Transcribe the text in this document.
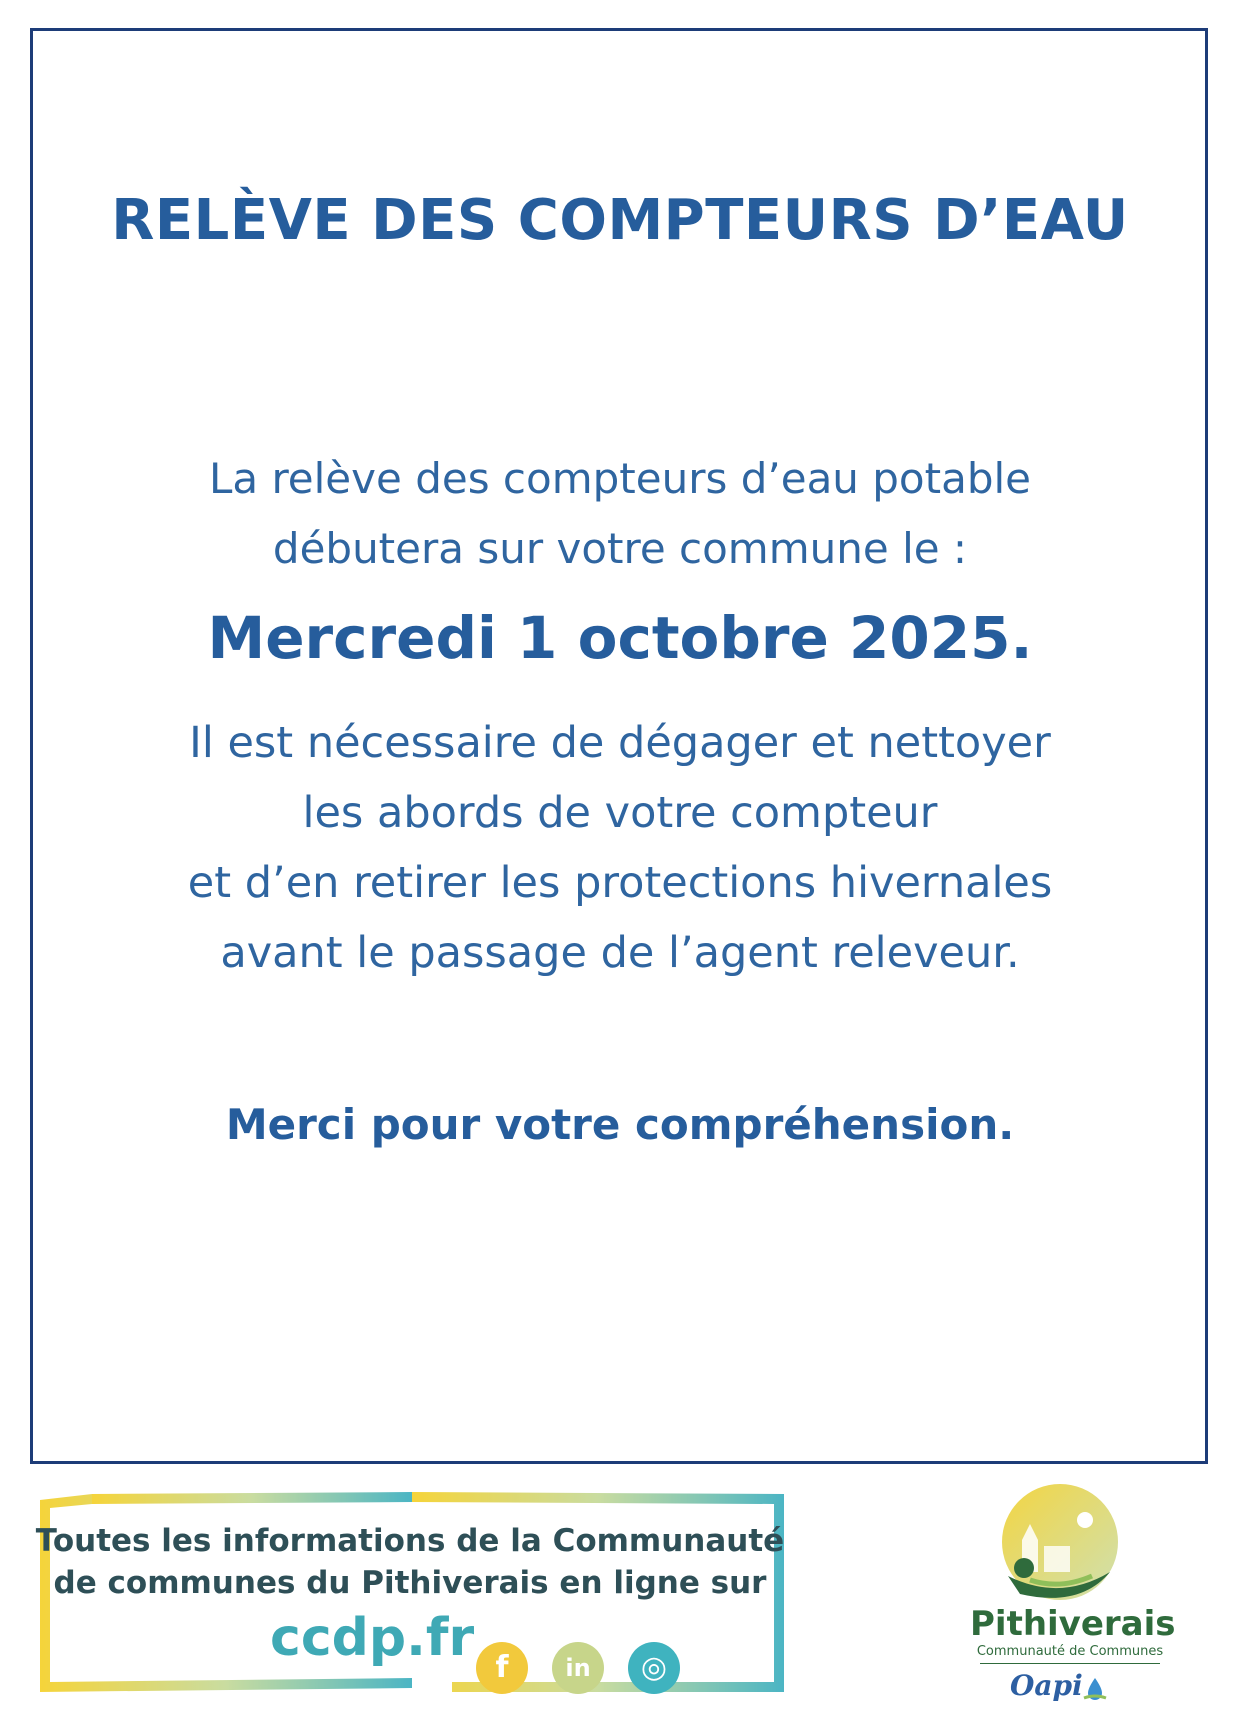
RELÈVE DES COMPTEURS D’EAU
La relève des compteurs d’eau potable
débutera sur votre commune le :
Mercredi 1 octobre 2025.
Il est nécessaire de dégager et nettoyer
les abords de votre compteur
et d’en retirer les protections hivernales
avant le passage de l’agent releveur.
Merci pour votre compréhension.
Toutes les informations de la Communauté
de communes du Pithiverais en ligne sur
ccdp.fr f	in	◎
Pithiverais
Communauté de Communes
Oapi
